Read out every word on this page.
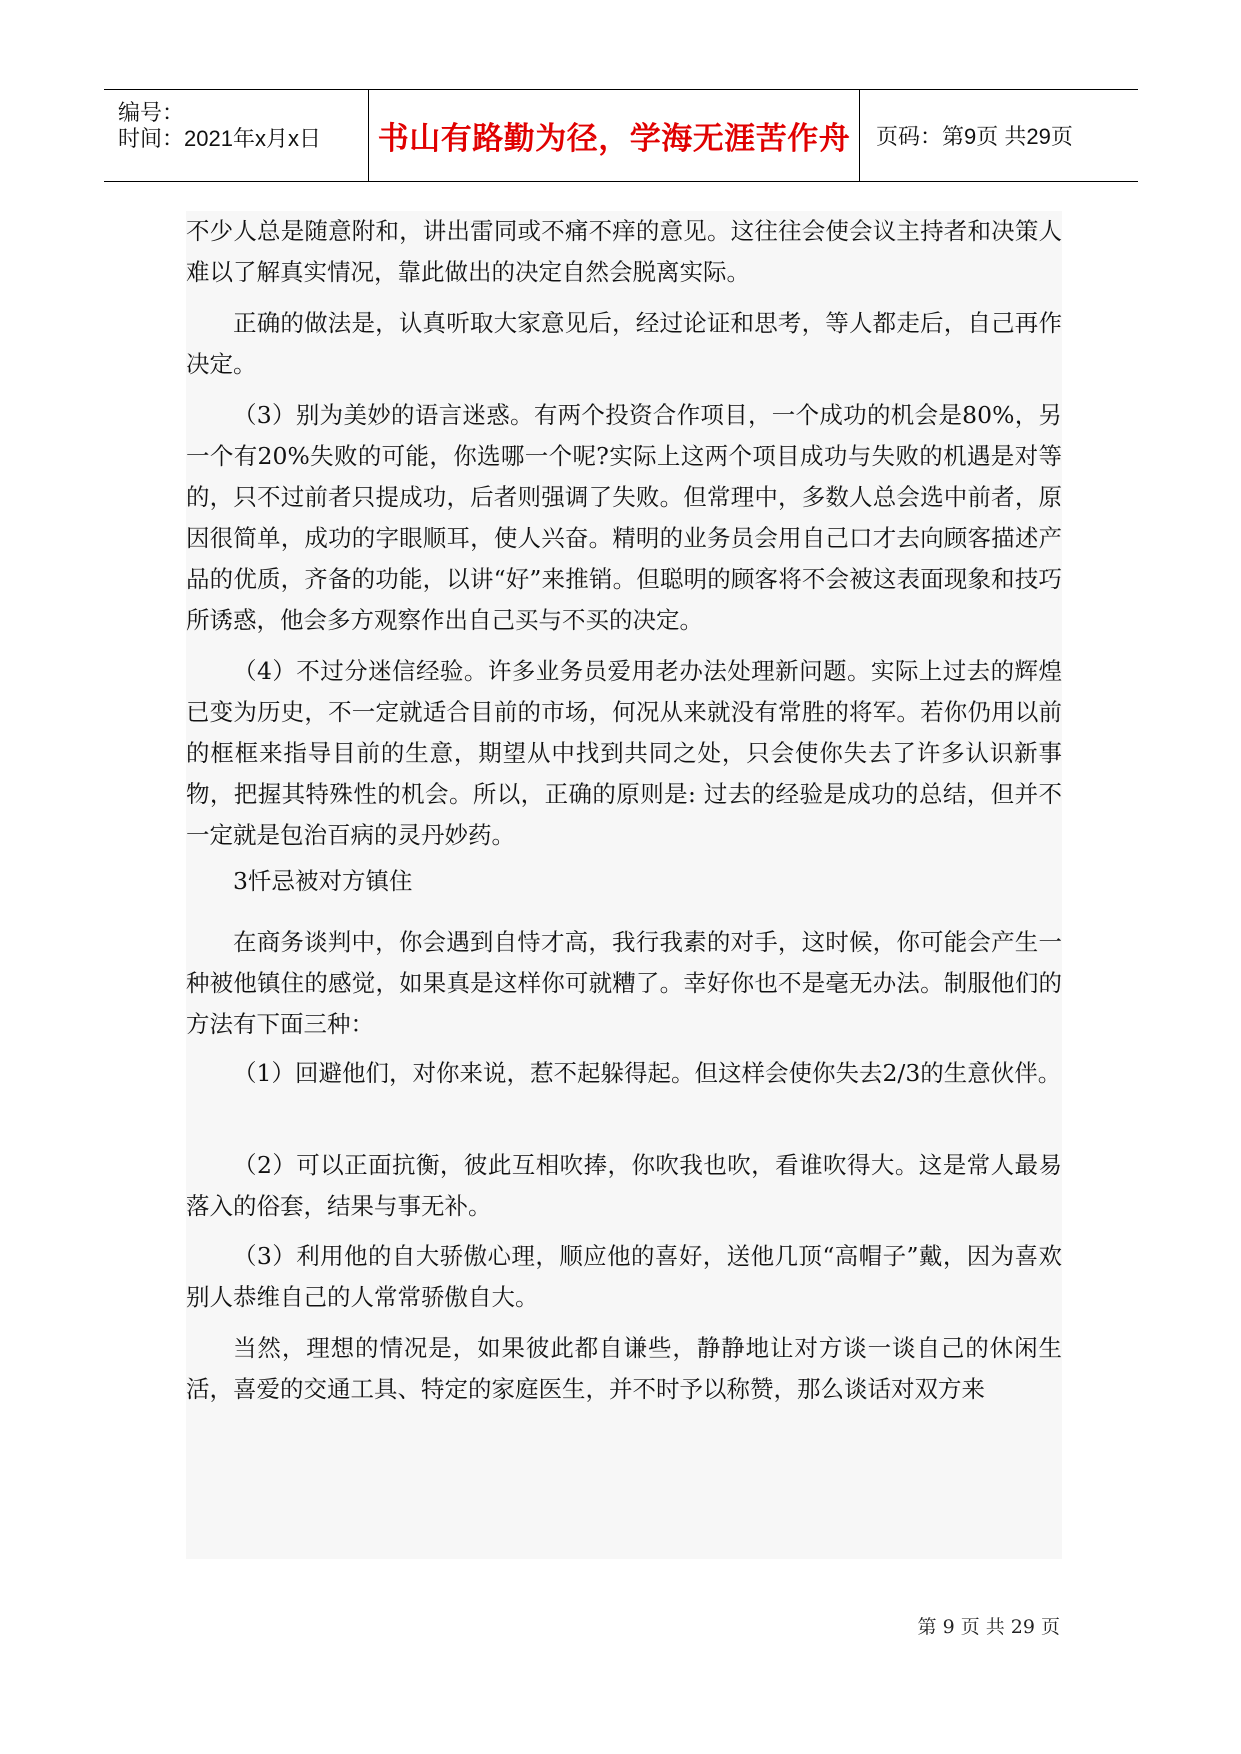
编号：
时间：2021年x月x日 书山有路勤为径，学海无涯苦作舟 页码：第9页 共29页

不少人总是随意附和，讲出雷同或不痛不痒的意见。这往往会使会议主持者和决策人难以了解真实情况，靠此做出的决定自然会脱离实际。

正确的做法是，认真听取大家意见后，经过论证和思考，等人都走后，自己再作决定。

（3）别为美妙的语言迷惑。有两个投资合作项目，一个成功的机会是80%，另一个有20%失败的可能，你选哪一个呢?实际上这两个项目成功与失败的机遇是对等的，只不过前者只提成功，后者则强调了失败。但常理中，多数人总会选中前者，原因很简单，成功的字眼顺耳，使人兴奋。精明的业务员会用自己口才去向顾客描述产品的优质，齐备的功能，以讲“好”来推销。但聪明的顾客将不会被这表面现象和技巧所诱惑，他会多方观察作出自己买与不买的决定。

（4）不过分迷信经验。许多业务员爱用老办法处理新问题。实际上过去的辉煌已变为历史，不一定就适合目前的市场，何况从来就没有常胜的将军。若你仍用以前的框框来指导目前的生意，期望从中找到共同之处，只会使你失去了许多认识新事物，把握其特殊性的机会。所以，正确的原则是: 过去的经验是成功的总结，但并不一定就是包治百病的灵丹妙药。

3忏忌被对方镇住

在商务谈判中，你会遇到自恃才高，我行我素的对手，这时候，你可能会产生一种被他镇住的感觉，如果真是这样你可就糟了。幸好你也不是毫无办法。制服他们的方法有下面三种：

（1）回避他们，对你来说，惹不起躲得起。但这样会使你失去2/3的生意伙伴。

（2）可以正面抗衡，彼此互相吹捧，你吹我也吹，看谁吹得大。这是常人最易落入的俗套，结果与事无补。

（3）利用他的自大骄傲心理，顺应他的喜好，送他几顶“高帽子”戴，因为喜欢别人恭维自己的人常常骄傲自大。

当然，理想的情况是，如果彼此都自谦些，静静地让对方谈一谈自己的休闲生活，喜爱的交通工具、特定的家庭医生，并不时予以称赞，那么谈话对双方来

第 9 页 共 29 页
